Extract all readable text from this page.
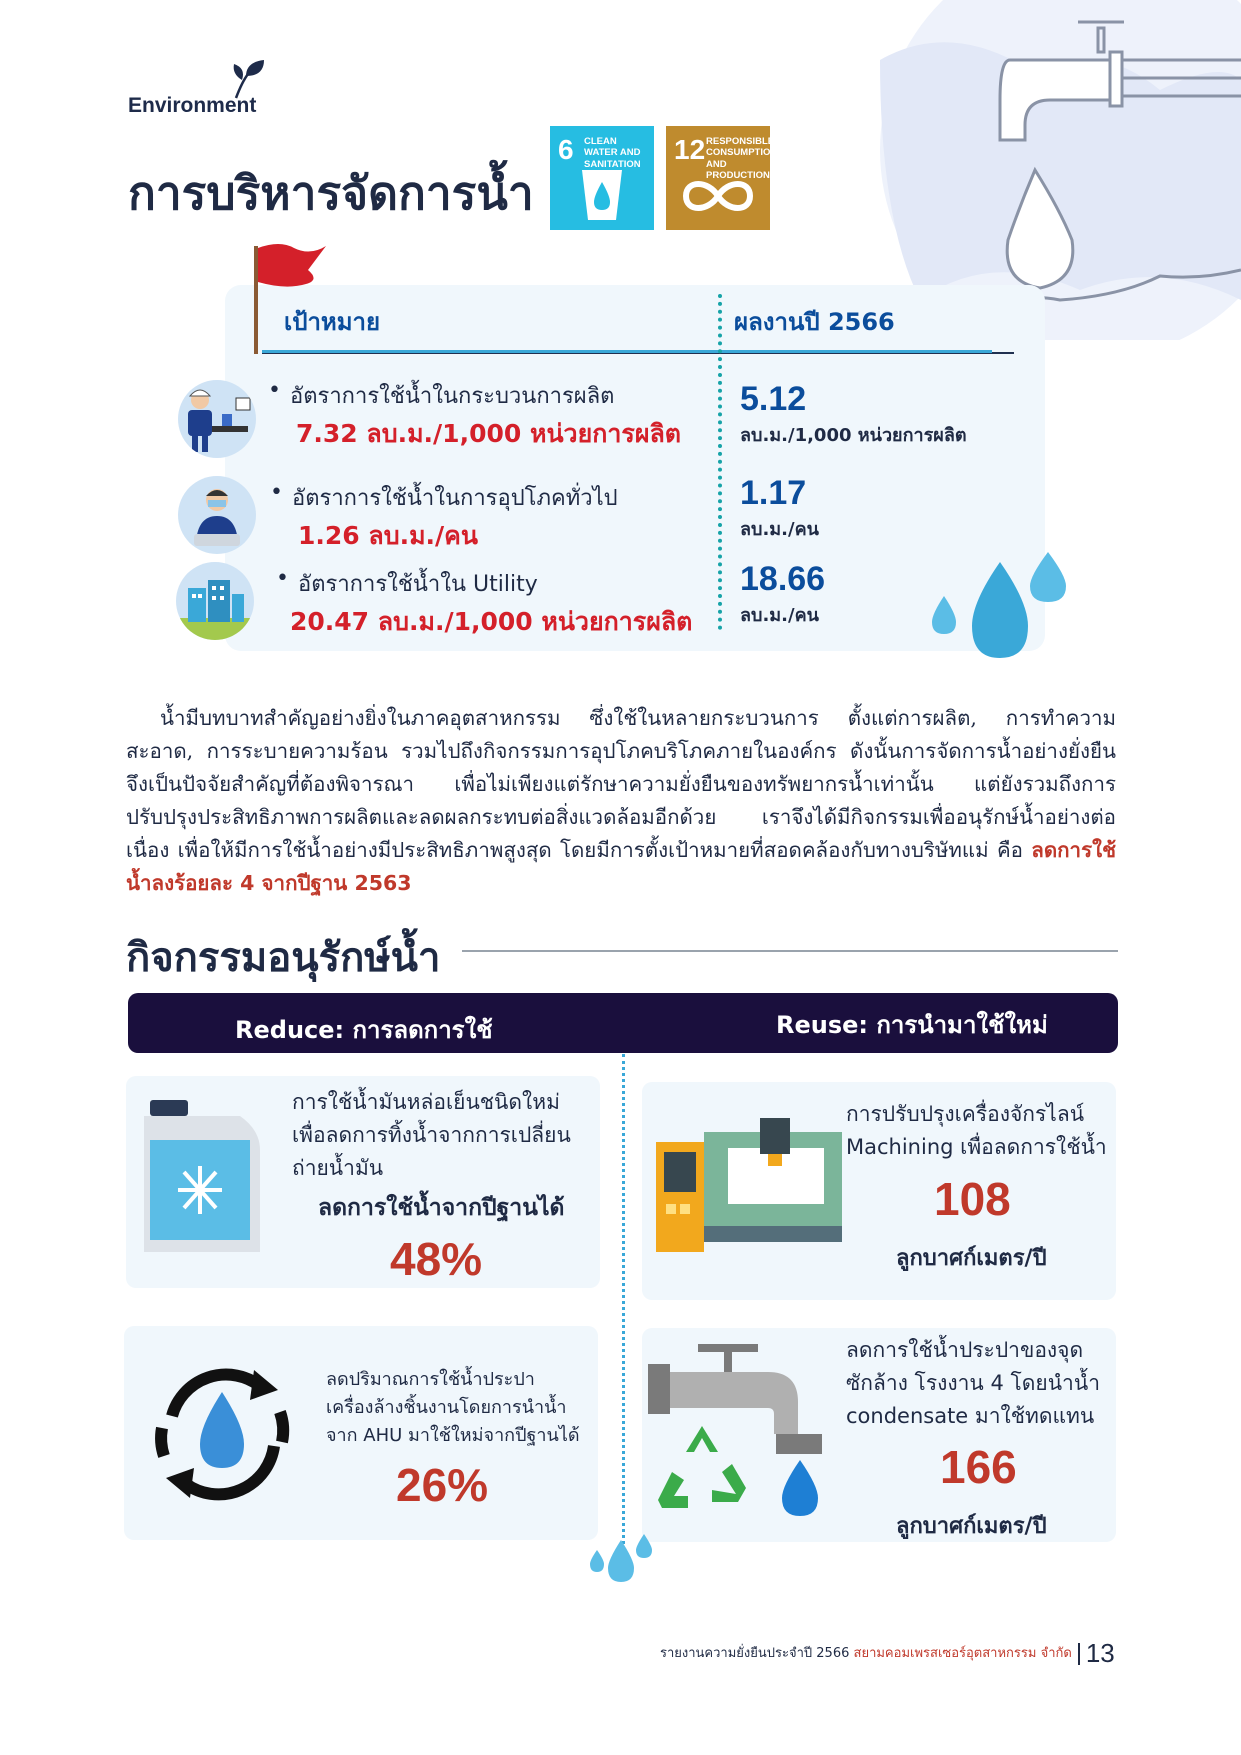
Environment
การบริหารจัดการน้ำ
6 CLEAN WATER AND SANITATION 12 RESPONSIBLE CONSUMPTION AND PRODUCTION
เป้าหมาย	ผลงานปี 2566
• อัตราการใช้น้ำในกระบวนการผลิต
7.32 ลบ.ม./1,000 หน่วยการผลิต
5.12
ลบ.ม./1,000 หน่วยการผลิต
• อัตราการใช้น้ำในการอุปโภคทั่วไป
1.26 ลบ.ม./คน
1.17
ลบ.ม./คน
• อัตราการใช้น้ำใน Utility
20.47 ลบ.ม./1,000 หน่วยการผลิต
18.66
ลบ.ม./คน

น้ำมีบทบาทสำคัญอย่างยิ่งในภาคอุตสาหกรรม ซึ่งใช้ในหลายกระบวนการ ตั้งแต่การผลิต, การทำความสะอาด, การระบายความร้อน รวมไปถึงกิจกรรมการอุปโภคบริโภคภายในองค์กร ดังนั้นการจัดการน้ำอย่างยั่งยืนจึงเป็นปัจจัยสำคัญที่ต้องพิจารณา เพื่อไม่เพียงแต่รักษาความยั่งยืนของทรัพยากรน้ำเท่านั้น แต่ยังรวมถึงการปรับปรุงประสิทธิภาพการผลิตและลดผลกระทบต่อสิ่งแวดล้อมอีกด้วย เราจึงได้มีกิจกรรมเพื่ออนุรักษ์น้ำอย่างต่อเนื่อง เพื่อให้มีการใช้น้ำอย่างมีประสิทธิภาพสูงสุด โดยมีการตั้งเป้าหมายที่สอดคล้องกับทางบริษัทแม่ คือ ลดการใช้น้ำลงร้อยละ 4 จากปีฐาน 2563

กิจกรรมอนุรักษ์น้ำ
Reduce: การลดการใช้	Reuse: การนำมาใช้ใหม่
การใช้น้ำมันหล่อเย็นชนิดใหม่เพื่อลดการทิ้งน้ำจากการเปลี่ยนถ่ายน้ำมัน
ลดการใช้น้ำจากปีฐานได้
48%
ลดปริมาณการใช้น้ำประปาเครื่องล้างชิ้นงานโดยการนำน้ำจาก AHU มาใช้ใหม่จากปีฐานได้
26%
การปรับปรุงเครื่องจักรไลน์ Machining เพื่อลดการใช้น้ำ
108
ลูกบาศก์เมตร/ปี
ลดการใช้น้ำประปาของจุดซักล้าง โรงงาน 4 โดยนำน้ำ condensate มาใช้ทดแทน
166
ลูกบาศก์เมตร/ปี
รายงานความยั่งยืนประจำปี 2566 สยามคอมเพรสเซอร์อุตสาหกรรม จำกัด 13
